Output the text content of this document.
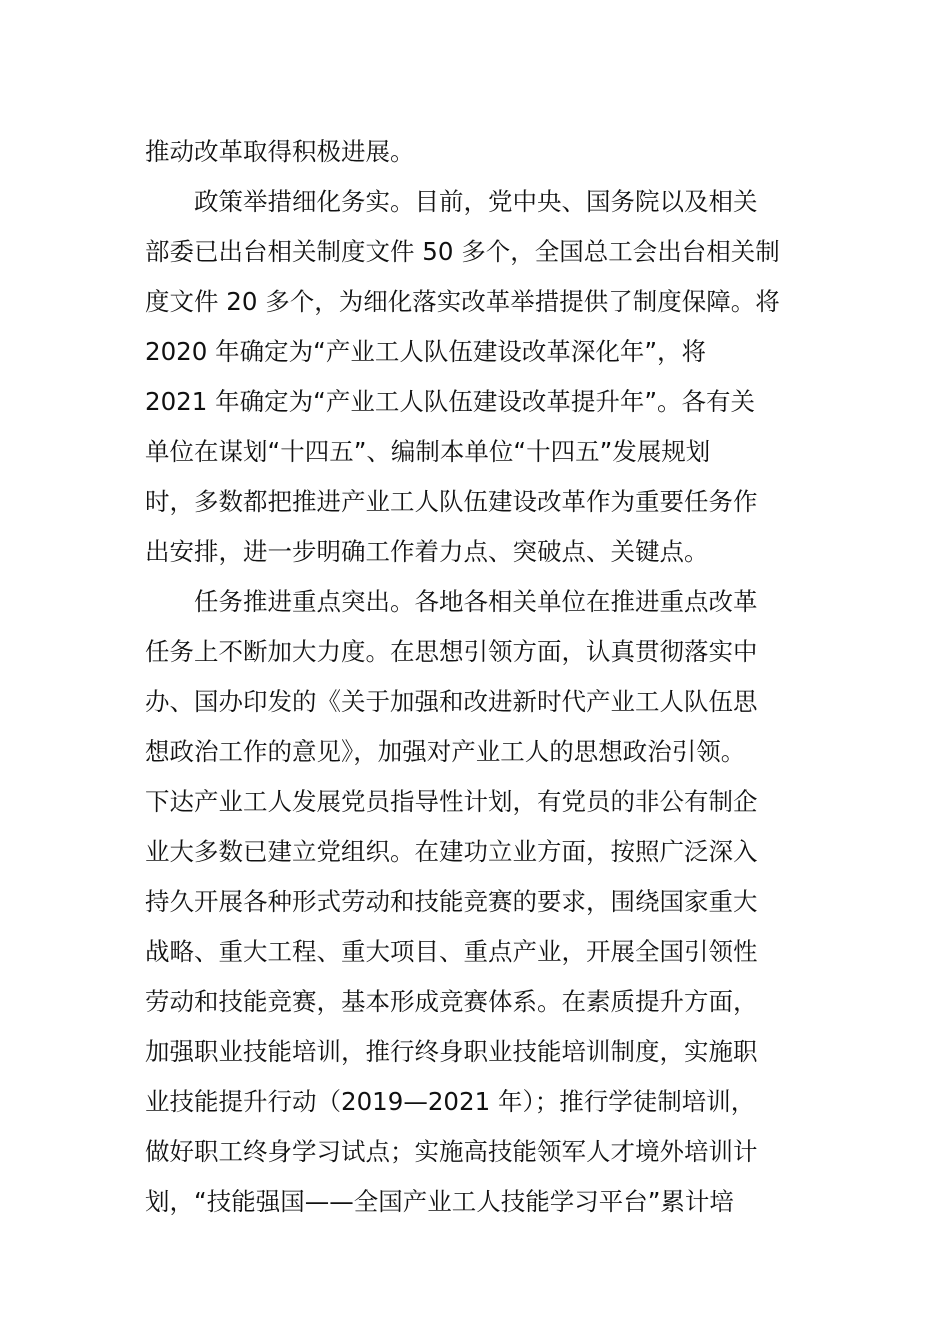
推动改革取得积极进展。
政策举措细化务实。目前，党中央、国务院以及相关
部委已出台相关制度文件 50 多个，全国总工会出台相关制
度文件 20 多个，为细化落实改革举措提供了制度保障。将
2020 年确定为“产业工人队伍建设改革深化年”，将
2021 年确定为“产业工人队伍建设改革提升年”。各有关
单位在谋划“十四五”、编制本单位“十四五”发展规划
时，多数都把推进产业工人队伍建设改革作为重要任务作
出安排，进一步明确工作着力点、突破点、关键点。
任务推进重点突出。各地各相关单位在推进重点改革
任务上不断加大力度。在思想引领方面，认真贯彻落实中
办、国办印发的《关于加强和改进新时代产业工人队伍思
想政治工作的意见》，加强对产业工人的思想政治引领。
下达产业工人发展党员指导性计划，有党员的非公有制企
业大多数已建立党组织。在建功立业方面，按照广泛深入
持久开展各种形式劳动和技能竞赛的要求，围绕国家重大
战略、重大工程、重大项目、重点产业，开展全国引领性
劳动和技能竞赛，基本形成竞赛体系。在素质提升方面，
加强职业技能培训，推行终身职业技能培训制度，实施职
业技能提升行动（2019—2021 年）；推行学徒制培训，
做好职工终身学习试点；实施高技能领军人才境外培训计
划，“技能强国——全国产业工人技能学习平台”累计培
